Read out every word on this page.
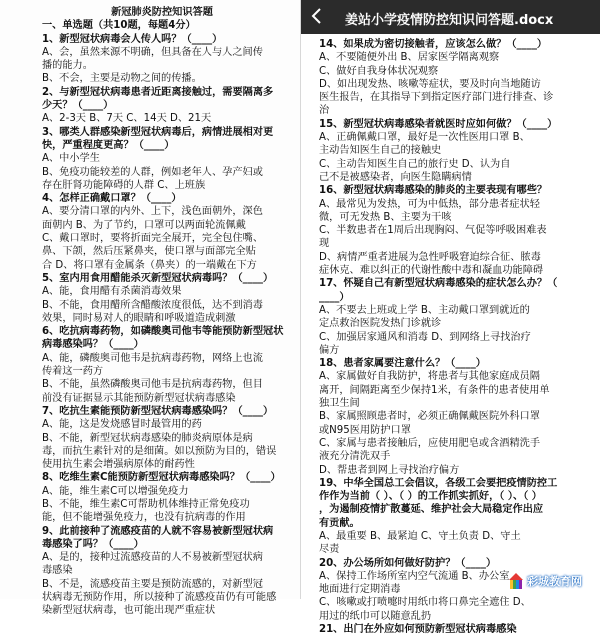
新冠肺炎防控知识答题
一、单选题（共10题，每题4分）
1、新型冠状病毒会人传人吗？（____）
A、会，虽然来源不明确，但具备在人与人之间传
播的能力。
B、不会，主要是动物之间的传播。
2、与新型冠状病毒患者近距离接触过，需要隔离多
少天？（____）
A、2-3天 B、7天 C、14天 D、21天
3、哪类人群感染新型冠状病毒后，病情进展相对更
快，严重程度更高？（____）
A、中小学生
B、免疫功能较差的人群，例如老年人、孕产妇或
存在肝肾功能障碍的人群 C、上班族
4、怎样正确戴口罩？（____）
A、要分清口罩的内外、上下，浅色面朝外，深色
面朝内 B、为了节约，口罩可以两面轮流佩戴
C、戴口罩时，要将折面完全展开，完全包住嘴、
鼻、下颌，然后压紧鼻夹，使口罩与面部完全贴
合 D、将口罩有金属条（鼻夹）的一端戴在下方
5、室内用食用醋能杀灭新型冠状病毒吗？（____）
A、能，食用醋有杀菌消毒效果
B、不能，食用醋所含醋酸浓度很低，达不到消毒
效果，同时易对人的眼睛和呼吸道造成刺激
6、吃抗病毒药物，如磷酸奥司他韦等能预防新型冠状
病毒感染吗？（____）
A、能，磷酸奥司他韦是抗病毒药物，网络上也流
传着这一药方
B、不能，虽然磷酸奥司他韦是抗病毒药物，但目
前没有证据显示其能预防新型冠状病毒感染
7、吃抗生素能预防新型冠状病毒感染吗？（____）
A、能，这是发烧感冒时最管用的药
B、不能，新型冠状病毒感染的肺炎病原体是病
毒，而抗生素针对的是细菌。如以预防为目的，错误
使用抗生素会增强病原体的耐药性
8、吃维生素C能预防新型冠状病毒感染吗？（____）
A、能，维生素C可以增强免疫力
B、不能，维生素C可帮助机体维持正常免疫功
能，但不能增强免疫力，也没有抗病毒的作用
9、此前接种了流感疫苗的人就不容易被新型冠状病
毒感染了吗？（____）
A、是的，接种过流感疫苗的人不易被新型冠状病
毒感染
B、不是，流感疫苗主要是预防流感的，对新型冠
状病毒无预防作用，所以接种了流感疫苗仍有可能感
染新型冠状病毒，也可能出现严重症状
姜站小学疫情防控知识问答题.docx
14、如果成为密切接触者，应该怎么做？（____）
A、不要随便外出 B、居家医学隔离观察
C、做好自我身体状况观察
D、如出现发热、咳嗽等症状，要及时向当地随访
医生报告，在其指导下到指定医疗部门进行排查、诊
治
15、新型冠状病毒感染者就医时应如何做？（____）
A、正确佩戴口罩，最好是一次性医用口罩 B、
主动告知医生自己的接触史
C、主动告知医生自己的旅行史 D、认为自
己不是被感染者，向医生隐瞒病情
16、新型冠状病毒感染的肺炎的主要表现有哪些？
A、最常见为发热，可为中低热，部分患者症状轻
微，可无发热 B、主要为干咳
C、半数患者在1周后出现胸闷、气促等呼吸困难表
现
D、病情严重者进展为急性呼吸窘迫综合征、脓毒
症休克、难以纠正的代谢性酸中毒和凝血功能障碍
17、怀疑自己有新型冠状病毒感染的症状怎么办？（
____）
A、不要去上班或上学 B、主动戴口罩到就近的
定点救治医院发热门诊就诊
C、加强居家通风和消毒 D、到网络上寻找治疗
偏方
18、患者家属要注意什么？（____）
A、家属做好自我防护，将患者与其他家庭成员隔
离开，间隔距离至少保持1米，有条件的患者使用单
独卫生间
B、家属照顾患者时，必须正确佩戴医院外科口罩
或N95医用防护口罩
C、家属与患者接触后，应使用肥皂或含酒精洗手
液充分清洗双手
D、帮患者到网上寻找治疗偏方
19、中华全国总工会倡议，各级工会要把疫情防控工
作作为当前（ ）、（ ）的工作抓实抓好，（ ）、（ ）
，为遏制疫情扩散蔓延、维护社会大局稳定作出应
有贡献。
A、最重要 B、最紧迫 C、守土负责 D、守土
尽责
20、办公场所如何做好防护？（____）
A、保持工作场所室内空气流通 B、办公室
地面进行定期消毒
C、咳嗽或打喷嚏时用纸巾将口鼻完全遮住 D、
用过的纸巾可以随意乱扔
21、出门在外应如何预防新型冠状病毒感染
彩城教育网
